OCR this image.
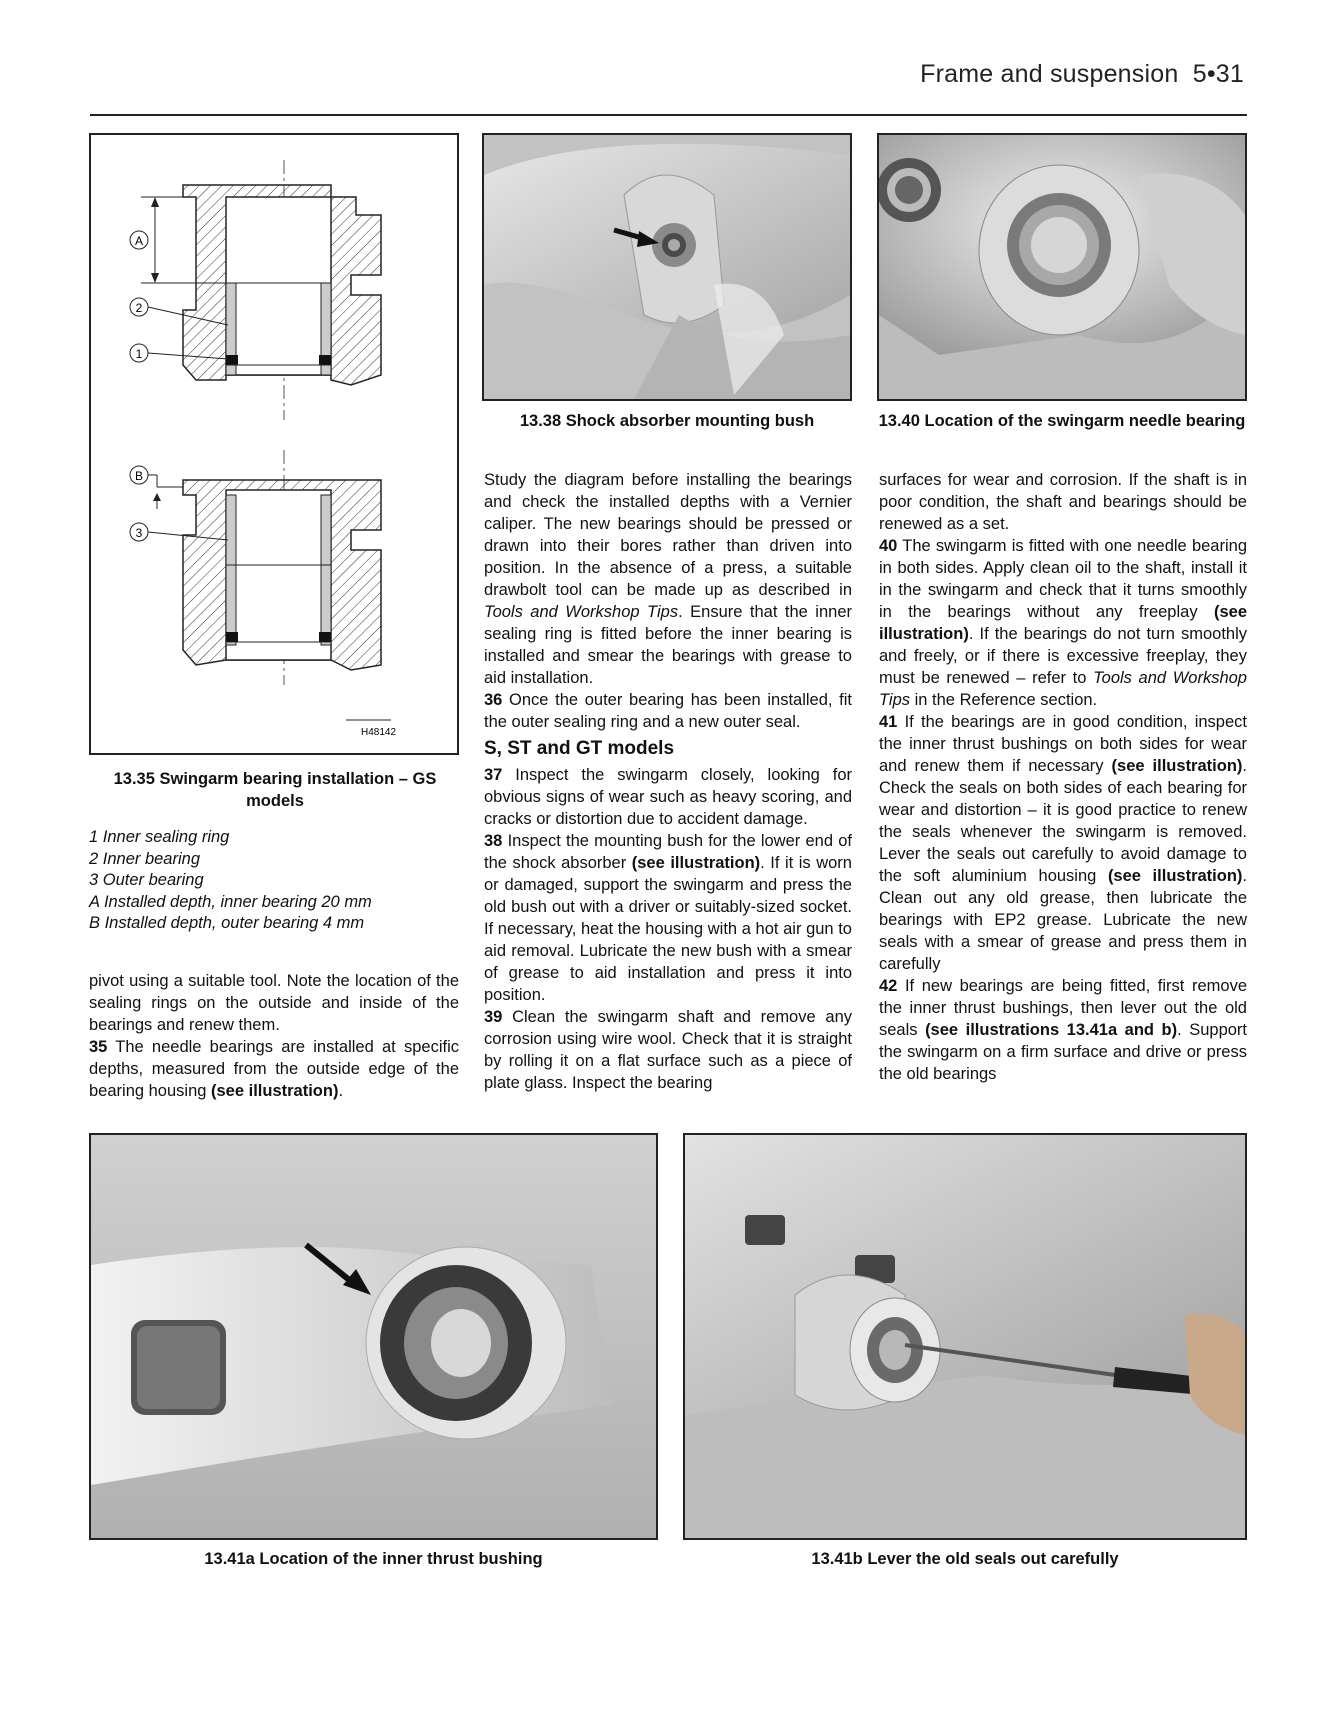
Frame and suspension 5•31
A
2
1
B
3
H48142
13.35 Swingarm bearing installation – GS models
1 Inner sealing ring
2 Inner bearing
3 Outer bearing
A Installed depth, inner bearing 20 mm
B Installed depth, outer bearing 4 mm
13.38 Shock absorber mounting bush	13.40 Location of the swingarm needle bearing

pivot using a suitable tool. Note the location of the sealing rings on the outside and inside of the bearings and renew them.

35 The needle bearings are installed at specific depths, measured from the outside edge of the bearing housing (see illustration).

Study the diagram before installing the bearings and check the installed depths with a Vernier caliper. The new bearings should be pressed or drawn into their bores rather than driven into position. In the absence of a press, a suitable drawbolt tool can be made up as described in Tools and Workshop Tips. Ensure that the inner sealing ring is fitted before the inner bearing is installed and smear the bearings with grease to aid installation.

36 Once the outer bearing has been installed, fit the outer sealing ring and a new outer seal.

S, ST and GT models

37 Inspect the swingarm closely, looking for obvious signs of wear such as heavy scoring, and cracks or distortion due to accident damage.

38 Inspect the mounting bush for the lower end of the shock absorber (see illustration). If it is worn or damaged, support the swingarm and press the old bush out with a driver or suitably-sized socket. If necessary, heat the housing with a hot air gun to aid removal. Lubricate the new bush with a smear of grease to aid installation and press it into position.

39 Clean the swingarm shaft and remove any corrosion using wire wool. Check that it is straight by rolling it on a flat surface such as a piece of plate glass. Inspect the bearing

surfaces for wear and corrosion. If the shaft is in poor condition, the shaft and bearings should be renewed as a set.

40 The swingarm is fitted with one needle bearing in both sides. Apply clean oil to the shaft, install it in the swingarm and check that it turns smoothly in the bearings without any freeplay (see illustration). If the bearings do not turn smoothly and freely, or if there is excessive freeplay, they must be renewed – refer to Tools and Workshop Tips in the Reference section.

41 If the bearings are in good condition, inspect the inner thrust bushings on both sides for wear and renew them if necessary (see illustration). Check the seals on both sides of each bearing for wear and distortion – it is good practice to renew the seals whenever the swingarm is removed. Lever the seals out carefully to avoid damage to the soft aluminium housing (see illustration). Clean out any old grease, then lubricate the bearings with EP2 grease. Lubricate the new seals with a smear of grease and press them in carefully

42 If new bearings are being fitted, first remove the inner thrust bushings, then lever out the old seals (see illustrations 13.41a and b). Support the swingarm on a firm surface and drive or press the old bearings

13.41a Location of the inner thrust bushing	13.41b Lever the old seals out carefully
